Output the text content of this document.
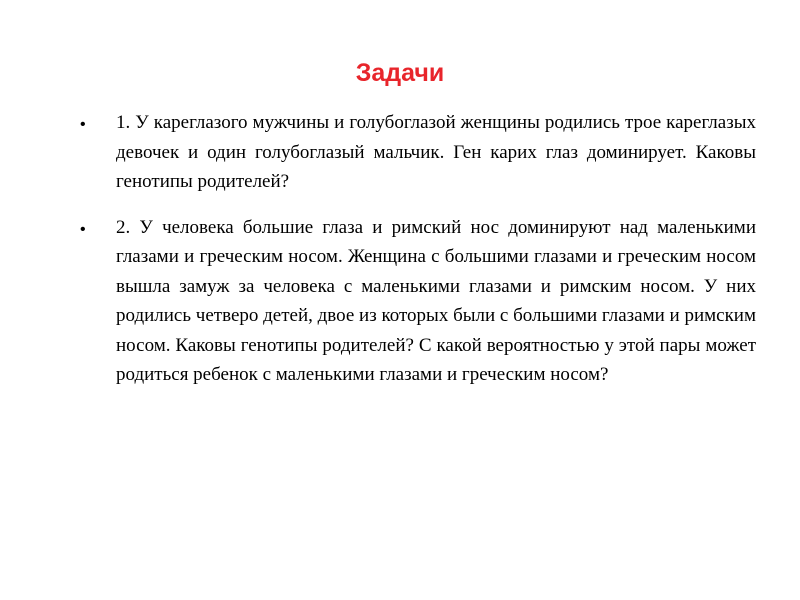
Задачи
• 1. У кареглазого мужчины и голубоглазой женщины родились трое кареглазых девочек и один голубоглазый мальчик. Ген карих глаз доминирует. Каковы генотипы родителей?
• 2. У человека большие глаза и римский нос доминируют над маленькими глазами и греческим носом. Женщина с большими глазами и греческим носом вышла замуж за человека с маленькими глазами и римским носом. У них родились четверо детей, двое из которых были с большими глазами и римским носом. Каковы генотипы родителей? С какой вероятностью у этой пары может родиться ребенок с маленькими глазами и греческим носом?
